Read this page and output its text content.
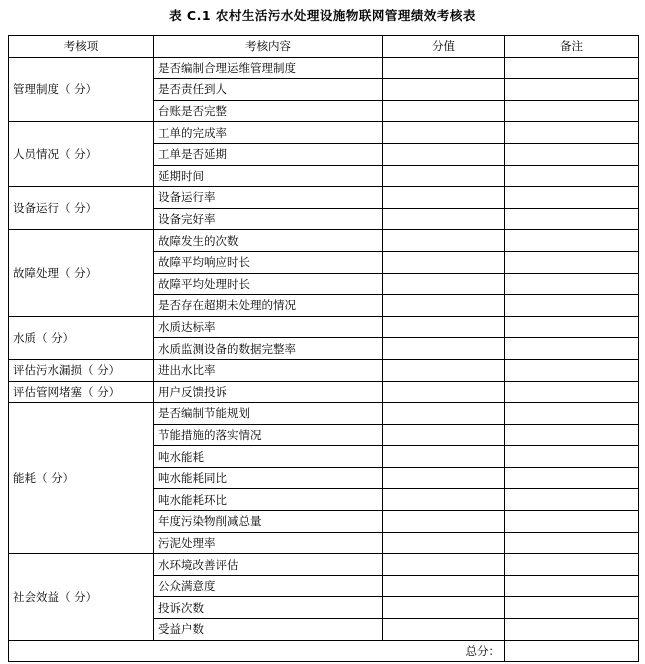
表 C.1 农村生活污水处理设施物联网管理绩效考核表
考核项	考核内容	分值	备注
管理制度（ 分）	是否编制合理运维管理制度		
	是否责任到人		
	台账是否完整		
人员情况（ 分）	工单的完成率		
	工单是否延期		
	延期时间		
设备运行（ 分）	设备运行率		
	设备完好率		
故障处理（ 分）	故障发生的次数		
	故障平均响应时长		
	故障平均处理时长		
	是否存在超期未处理的情况		
水质（ 分）	水质达标率		
	水质监测设备的数据完整率		
评估污水漏损（ 分）	进出水比率		
评估管网堵塞（ 分）	用户反馈投诉		
能耗（ 分）	是否编制节能规划		
	节能措施的落实情况		
	吨水能耗		
	吨水能耗同比		
	吨水能耗环比		
	年度污染物削减总量		
	污泥处理率		
社会效益（ 分）	水环境改善评估		
	公众满意度		
	投诉次数		
	受益户数		
总分：			
